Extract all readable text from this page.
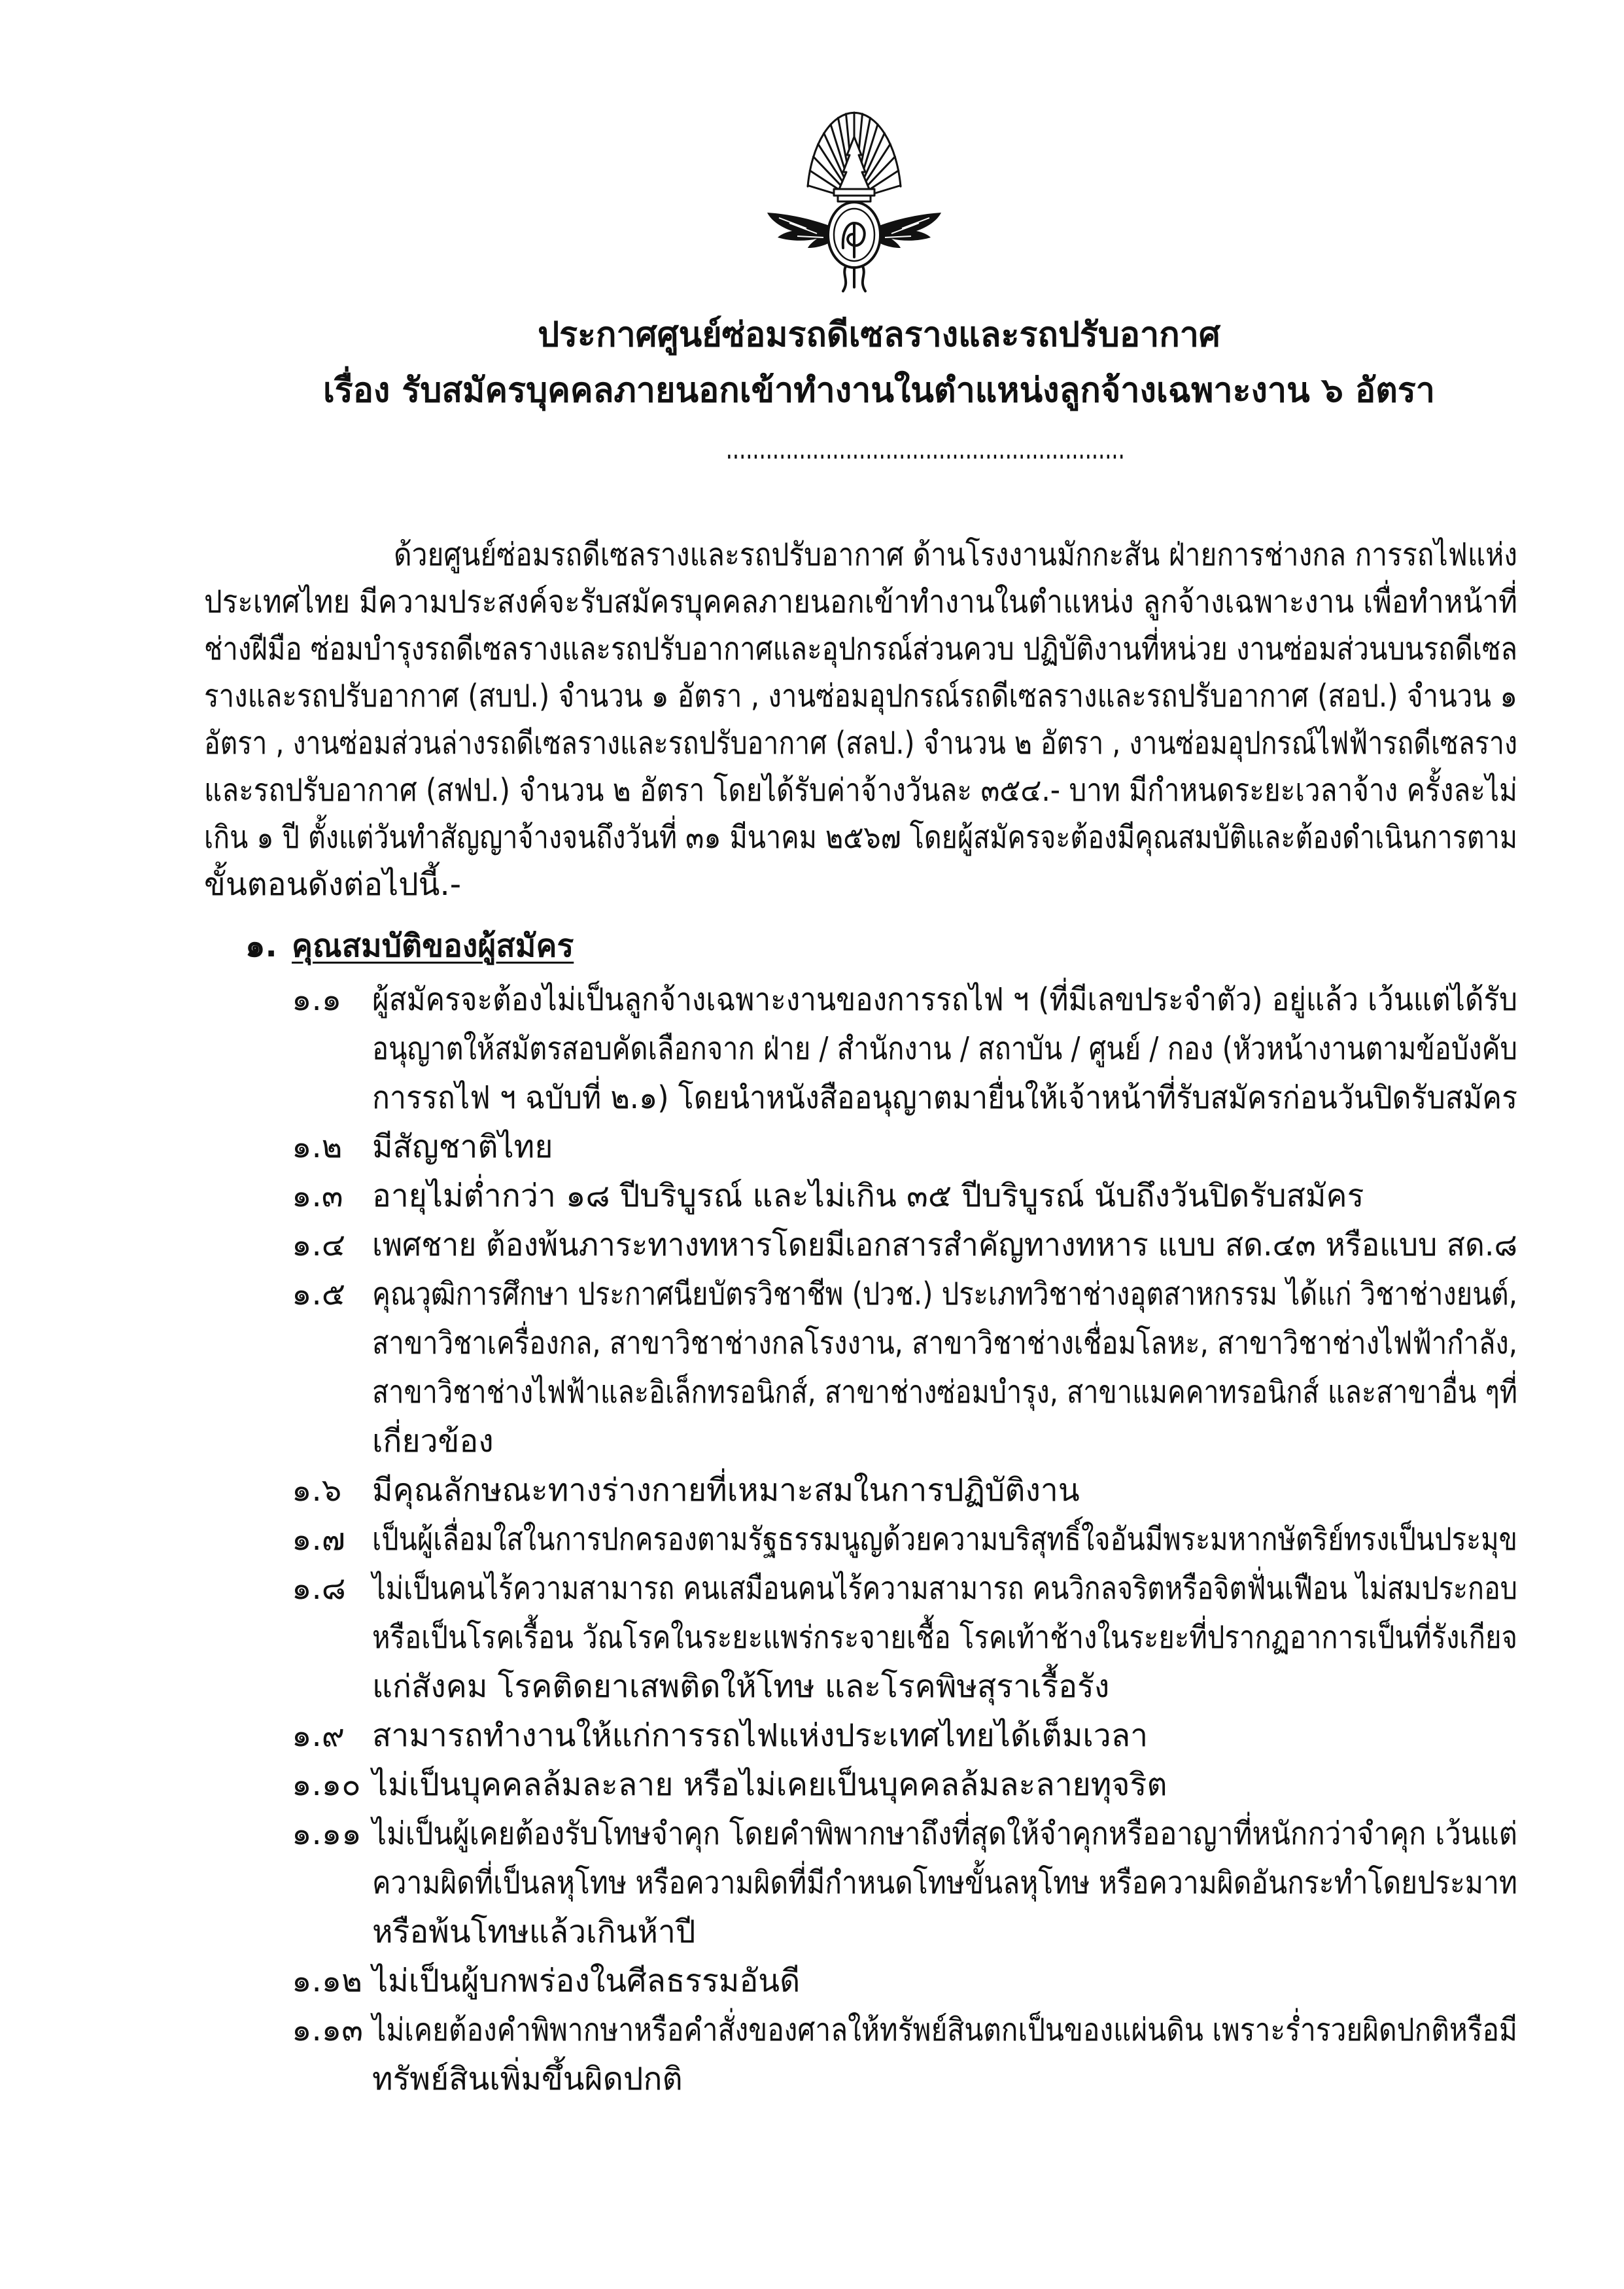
ประกาศศูนย์ซ่อมรถดีเซลรางและรถปรับอากาศ
เรื่อง รับสมัครบุคคลภายนอกเข้าทำงานในตำแหน่งลูกจ้างเฉพาะงาน ๖ อัตรา
............................................................
ด้วยศูนย์ซ่อมรถดีเซลรางและรถปรับอากาศ ด้านโรงงานมักกะสัน ฝ่ายการช่างกล การรถไฟแห่ง
ประเทศไทย มีความประสงค์จะรับสมัครบุคคลภายนอกเข้าทำงานในตำแหน่ง ลูกจ้างเฉพาะงาน เพื่อทำหน้าที่
ช่างฝีมือ ซ่อมบำรุงรถดีเซลรางและรถปรับอากาศและอุปกรณ์ส่วนควบ ปฏิบัติงานที่หน่วย งานซ่อมส่วนบนรถดีเซล
รางและรถปรับอากาศ (สบป.) จำนวน ๑ อัตรา , งานซ่อมอุปกรณ์รถดีเซลรางและรถปรับอากาศ (สอป.) จำนวน ๑
อัตรา , งานซ่อมส่วนล่างรถดีเซลรางและรถปรับอากาศ (สลป.) จำนวน ๒ อัตรา , งานซ่อมอุปกรณ์ไฟฟ้ารถดีเซลราง
และรถปรับอากาศ (สฟป.) จำนวน ๒ อัตรา โดยได้รับค่าจ้างวันละ ๓๕๔.- บาท มีกำหนดระยะเวลาจ้าง ครั้งละไม่
เกิน ๑ ปี ตั้งแต่วันทำสัญญาจ้างจนถึงวันที่ ๓๑ มีนาคม ๒๕๖๗ โดยผู้สมัครจะต้องมีคุณสมบัติและต้องดำเนินการตาม
ขั้นตอนดังต่อไปนี้.-
๑. คุณสมบัติของผู้สมัคร
๑.๑ ผู้สมัครจะต้องไม่เป็นลูกจ้างเฉพาะงานของการรถไฟ ฯ (ที่มีเลขประจำตัว) อยู่แล้ว เว้นแต่ได้รับ
อนุญาตให้สมัตรสอบคัดเลือกจาก ฝ่าย / สำนักงาน / สถาบัน / ศูนย์ / กอง (หัวหน้างานตามข้อบังคับ
การรถไฟ ฯ ฉบับที่ ๒.๑) โดยนำหนังสืออนุญาตมายื่นให้เจ้าหน้าที่รับสมัครก่อนวันปิดรับสมัคร
๑.๒ มีสัญชาติไทย
๑.๓ อายุไม่ต่ำกว่า ๑๘ ปีบริบูรณ์ และไม่เกิน ๓๕ ปีบริบูรณ์ นับถึงวันปิดรับสมัคร
๑.๔ เพศชาย ต้องพ้นภาระทางทหารโดยมีเอกสารสำคัญทางทหาร แบบ สด.๔๓ หรือแบบ สด.๘
๑.๕ คุณวุฒิการศึกษา ประกาศนียบัตรวิชาชีพ (ปวช.) ประเภทวิชาช่างอุตสาหกรรม ได้แก่ วิชาช่างยนต์,
สาขาวิชาเครื่องกล, สาขาวิชาช่างกลโรงงาน, สาขาวิชาช่างเชื่อมโลหะ, สาขาวิชาช่างไฟฟ้ากำลัง,
สาขาวิชาช่างไฟฟ้าและอิเล็กทรอนิกส์, สาขาช่างซ่อมบำรุง, สาขาแมคคาทรอนิกส์ และสาขาอื่น ๆที่
เกี่ยวข้อง
๑.๖ มีคุณลักษณะทางร่างกายที่เหมาะสมในการปฏิบัติงาน
๑.๗ เป็นผู้เลื่อมใสในการปกครองตามรัฐธรรมนูญด้วยความบริสุทธิ์ใจอันมีพระมหากษัตริย์ทรงเป็นประมุข
๑.๘ ไม่เป็นคนไร้ความสามารถ คนเสมือนคนไร้ความสามารถ คนวิกลจริตหรือจิตฟั่นเฟือน ไม่สมประกอบ
หรือเป็นโรคเรื้อน วัณโรคในระยะแพร่กระจายเชื้อ โรคเท้าช้างในระยะที่ปรากฏอาการเป็นที่รังเกียจ
แก่สังคม โรคติดยาเสพติดให้โทษ และโรคพิษสุราเรื้อรัง
๑.๙ สามารถทำงานให้แก่การรถไฟแห่งประเทศไทยได้เต็มเวลา
๑.๑๐ ไม่เป็นบุคคลล้มละลาย หรือไม่เคยเป็นบุคคลล้มละลายทุจริต
๑.๑๑ ไม่เป็นผู้เคยต้องรับโทษจำคุก โดยคำพิพากษาถึงที่สุดให้จำคุกหรืออาญาที่หนักกว่าจำคุก เว้นแต่
ความผิดที่เป็นลหุโทษ หรือความผิดที่มีกำหนดโทษขั้นลหุโทษ หรือความผิดอันกระทำโดยประมาท
หรือพ้นโทษแล้วเกินห้าปี
๑.๑๒ ไม่เป็นผู้บกพร่องในศีลธรรมอันดี
๑.๑๓ ไม่เคยต้องคำพิพากษาหรือคำสั่งของศาลให้ทรัพย์สินตกเป็นของแผ่นดิน เพราะร่ำรวยผิดปกติหรือมี
ทรัพย์สินเพิ่มขึ้นผิดปกติ
